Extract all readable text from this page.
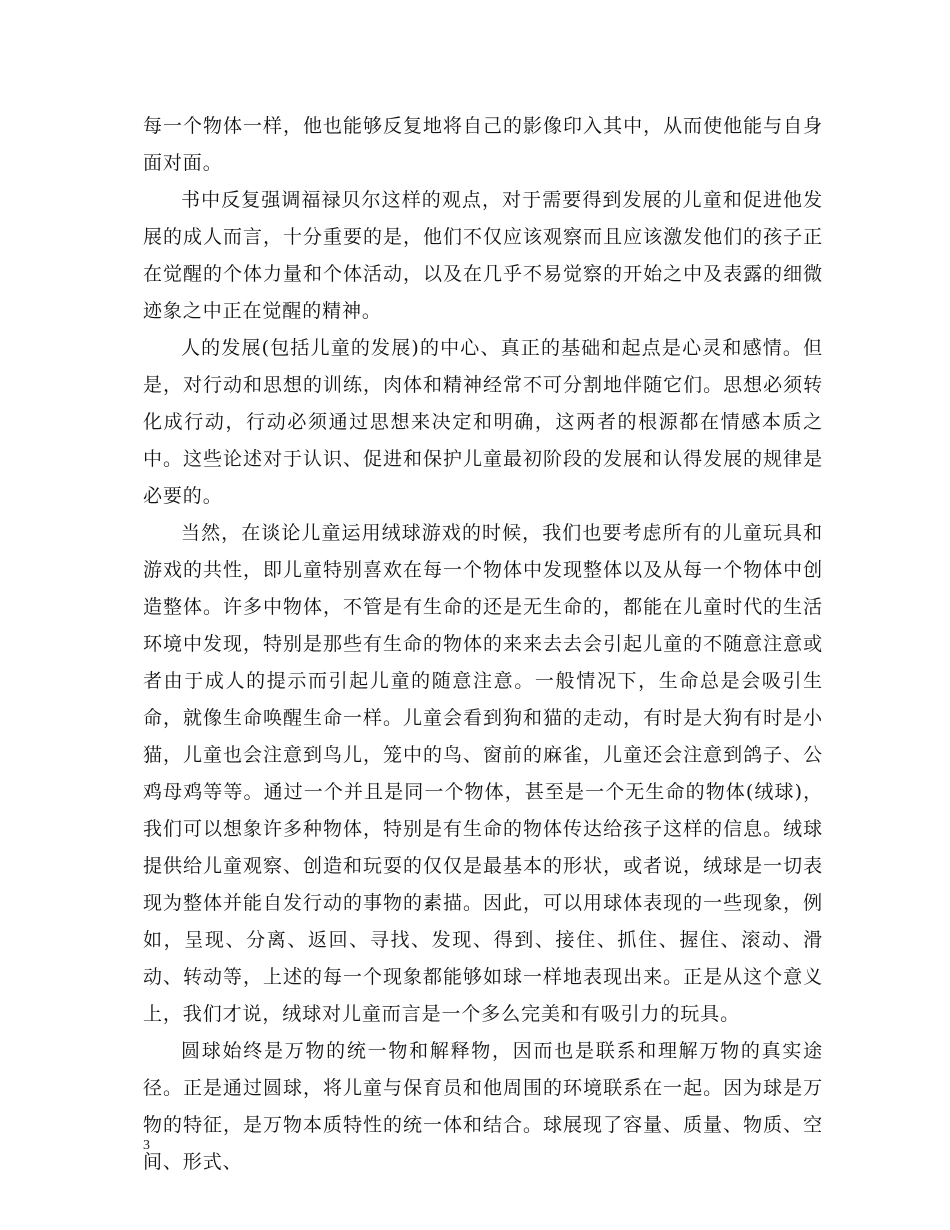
每一个物体一样，他也能够反复地将自己的影像印入其中，从而使他能与自身面对面。

书中反复强调福禄贝尔这样的观点，对于需要得到发展的儿童和促进他发展的成人而言，十分重要的是，他们不仅应该观察而且应该激发他们的孩子正在觉醒的个体力量和个体活动，以及在几乎不易觉察的开始之中及表露的细微迹象之中正在觉醒的精神。

人的发展(包括儿童的发展)的中心、真正的基础和起点是心灵和感情。但是，对行动和思想的训练，肉体和精神经常不可分割地伴随它们。思想必须转化成行动，行动必须通过思想来决定和明确，这两者的根源都在情感本质之中。这些论述对于认识、促进和保护儿童最初阶段的发展和认得发展的规律是必要的。

当然，在谈论儿童运用绒球游戏的时候，我们也要考虑所有的儿童玩具和游戏的共性，即儿童特别喜欢在每一个物体中发现整体以及从每一个物体中创造整体。许多中物体，不管是有生命的还是无生命的，都能在儿童时代的生活环境中发现，特别是那些有生命的物体的来来去去会引起儿童的不随意注意或者由于成人的提示而引起儿童的随意注意。一般情况下，生命总是会吸引生命，就像生命唤醒生命一样。儿童会看到狗和猫的走动，有时是大狗有时是小猫，儿童也会注意到鸟儿，笼中的鸟、窗前的麻雀，儿童还会注意到鸽子、公鸡母鸡等等。通过一个并且是同一个物体，甚至是一个无生命的物体(绒球)，我们可以想象许多种物体，特别是有生命的物体传达给孩子这样的信息。绒球提供给儿童观察、创造和玩耍的仅仅是最基本的形状，或者说，绒球是一切表现为整体并能自发行动的事物的素描。因此，可以用球体表现的一些现象，例如，呈现、分离、返回、寻找、发现、得到、接住、抓住、握住、滚动、滑动、转动等，上述的每一个现象都能够如球一样地表现出来。正是从这个意义上，我们才说，绒球对儿童而言是一个多么完美和有吸引力的玩具。

圆球始终是万物的统一物和解释物，因而也是联系和理解万物的真实途径。正是通过圆球，将儿童与保育员和他周围的环境联系在一起。因为球是万物的特征，是万物本质特性的统一体和结合。球展现了容量、质量、物质、空间、形式、

3
